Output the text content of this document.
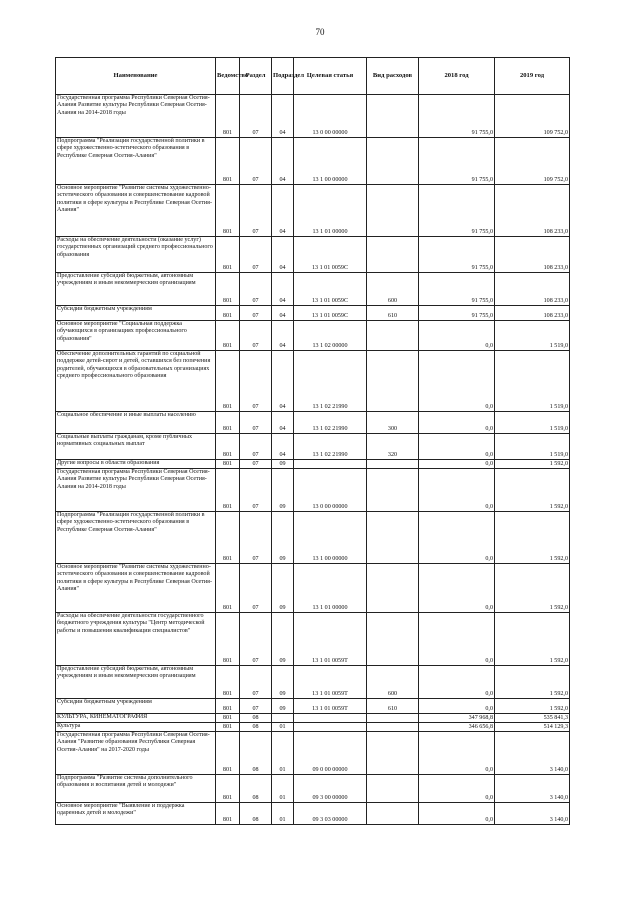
70
Наименование	Ведомство	Раздел	Подраздел	Целевая статья	Вид расходов	2018 год	2019 год
Государственная программа Республики Северная Осетия-Алания Развитие культуры Республики Северная Осетия-Алания на 2014-2018 годы	801	07	04	13 0 00 00000		91 755,0	109 752,0
Подпрограмма "Реализация государственной политики в сфере художественно-эстетического образования в Республике Северная Осетия-Алания"	801	07	04	13 1 00 00000		91 755,0	109 752,0
Основное мероприятие "Развитие системы художественно-эстетического образования и совершенствование кадровой политики в сфере культуры в Республике Северная Осетия-Алания"	801	07	04	13 1 01 00000		91 755,0	108 233,0
Расходы на обеспечение деятельности (оказание услуг) государственных организаций среднего профессионального образования	801	07	04	13 1 01 0059С		91 755,0	108 233,0
Предоставление субсидий бюджетным, автономным учреждениям и иным некоммерческим организациям	801	07	04	13 1 01 0059С	600	91 755,0	108 233,0
Субсидии бюджетным учреждениям	801	07	04	13 1 01 0059С	610	91 755,0	108 233,0
Основное мероприятие "Социальная поддержка обучающихся в организациях профессионального образования"	801	07	04	13 1 02 00000		0,0	1 519,0
Обеспечение дополнительных гарантий по социальной поддержке детей-сирот и детей, оставшихся без попечения родителей, обучающихся в образовательных организациях среднего профессионального образования	801	07	04	13 1 02 21990		0,0	1 519,0
Социальное обеспечение и иные выплаты населению	801	07	04	13 1 02 21990	300	0,0	1 519,0
Социальные выплаты гражданам, кроме публичных нормативных социальных выплат	801	07	04	13 1 02 21990	320	0,0	1 519,0
Другие вопросы в области образования	801	07	09			0,0	1 592,0
Государственная программа Республики Северная Осетия-Алания Развитие культуры Республики Северная Осетия-Алания на 2014-2018 годы	801	07	09	13 0 00 00000		0,0	1 592,0
Подпрограмма "Реализация государственной политики в сфере художественно-эстетического образования в Республике Северная Осетия-Алания"	801	07	09	13 1 00 00000		0,0	1 592,0
Основное мероприятие "Развитие системы художественно-эстетического образования и совершенствование кадровой политики в сфере культуры в Республике Северная Осетия-Алания"	801	07	09	13 1 01 00000		0,0	1 592,0
Расходы на обеспечение деятельности государственного бюджетного учреждения культуры "Центр методической работы и повышения квалификации специалистов"	801	07	09	13 1 01 0059Т		0,0	1 592,0
Предоставление субсидий бюджетным, автономным учреждениям и иным некоммерческим организациям	801	07	09	13 1 01 0059Т	600	0,0	1 592,0
Субсидии бюджетным учреждениям	801	07	09	13 1 01 0059Т	610	0,0	1 592,0
КУЛЬТУРА, КИНЕМАТОГРАФИЯ	801	08				347 968,8	535 841,3
Культура	801	08	01			346 656,8	514 129,3
Государственная программа Республики Северная Осетия-Алания "Развитие образования Республики Северная Осетия-Алания" на 2017-2020 годы	801	08	01	09 0 00 00000		0,0	3 140,0
Подпрограмма "Развитие системы дополнительного образования и воспитания детей и молодежи"	801	08	01	09 3 00 00000		0,0	3 140,0
Основное мероприятие "Выявление и поддержка одаренных детей и молодежи"	801	08	01	09 3 03 00000		0,0	3 140,0
